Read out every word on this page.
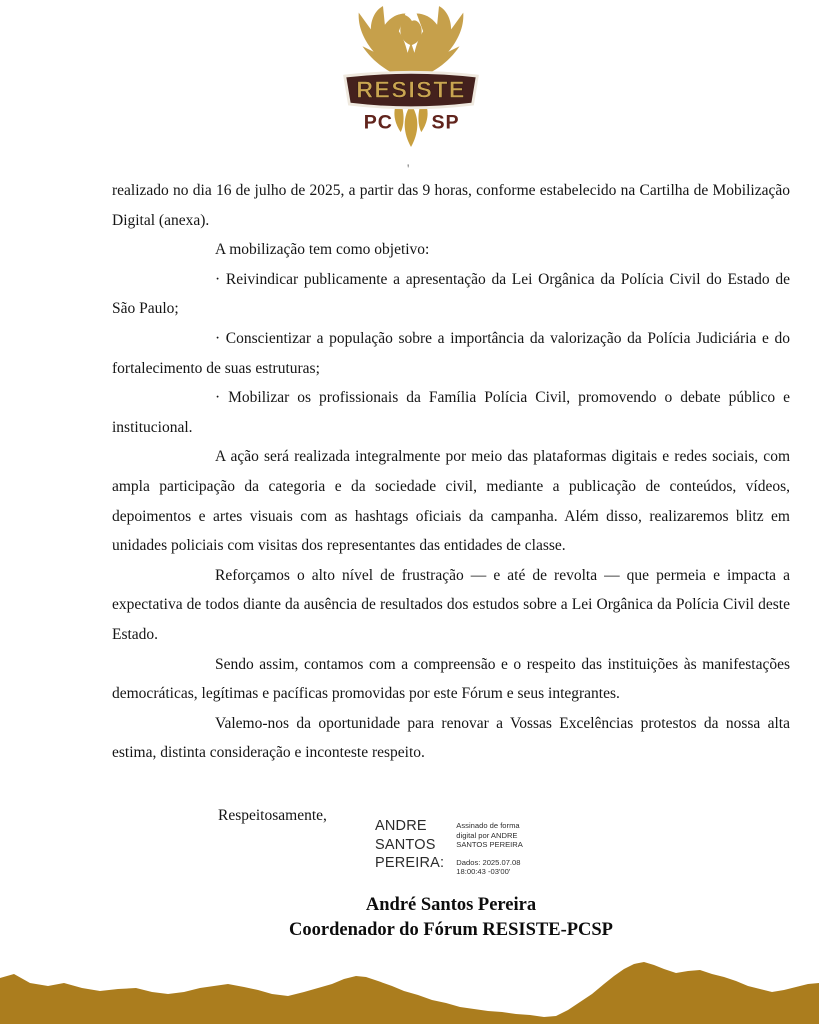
RESISTE
PC SP
'

realizado no dia 16 de julho de 2025, a partir das 9 horas, conforme estabelecido na Cartilha de Mobilização Digital (anexa).

A mobilização tem como objetivo:

· Reivindicar publicamente a apresentação da Lei Orgânica da Polícia Civil do Estado de São Paulo;

· Conscientizar a população sobre a importância da valorização da Polícia Judiciária e do fortalecimento de suas estruturas;

· Mobilizar os profissionais da Família Polícia Civil, promovendo o debate público e institucional.

A ação será realizada integralmente por meio das plataformas digitais e redes sociais, com ampla participação da categoria e da sociedade civil, mediante a publicação de conteúdos, vídeos, depoimentos e artes visuais com as hashtags oficiais da campanha. Além disso, realizaremos blitz em unidades policiais com visitas dos representantes das entidades de classe.

Reforçamos o alto nível de frustração — e até de revolta — que permeia e impacta a expectativa de todos diante da ausência de resultados dos estudos sobre a Lei Orgânica da Polícia Civil deste Estado.

Sendo assim, contamos com a compreensão e o respeito das instituições às manifestações democráticas, legítimas e pacíficas promovidas por este Fórum e seus integrantes.

Valemo-nos da oportunidade para renovar a Vossas Excelências protestos da nossa alta estima, distinta consideração e inconteste respeito.

Respeitosamente,

ANDRE
SANTOS
PEREIRA:
Assinado de forma digital por ANDRE SANTOS PEREIRA
Dados: 2025.07.08
18:00:43 -03'00'
André Santos Pereira
Coordenador do Fórum RESISTE-PCSP
